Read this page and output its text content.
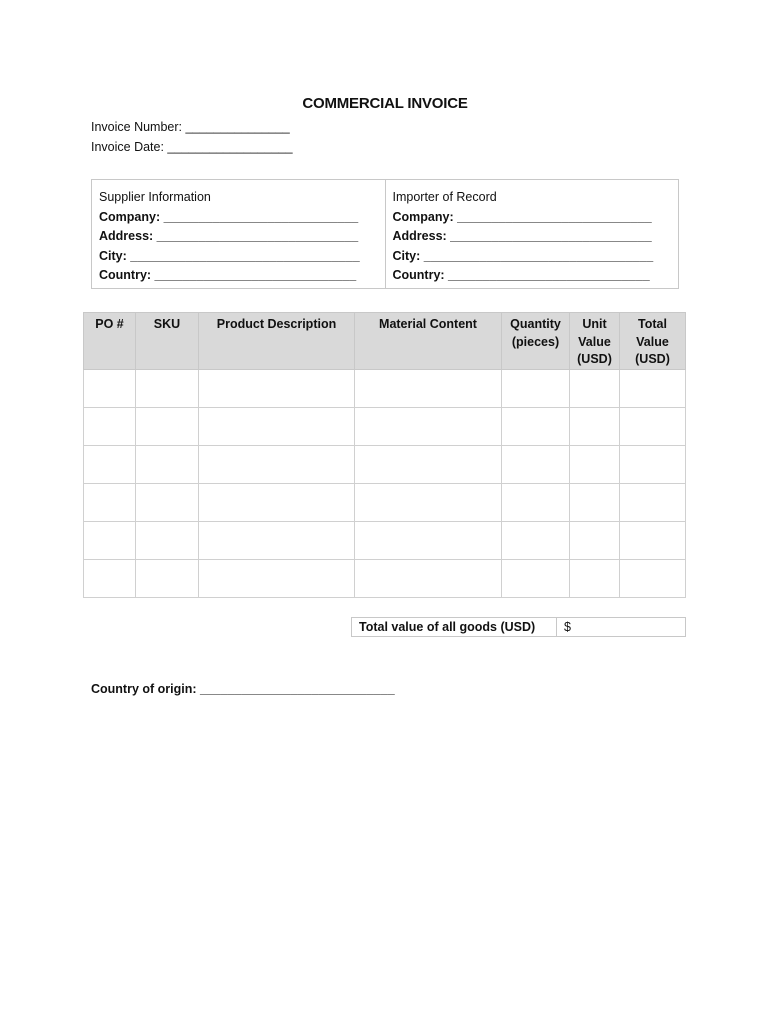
COMMERCIAL INVOICE
Invoice Number: _______________
Invoice Date: __________________
Supplier Information
Company: ____________________________
Address: _____________________________
City: _________________________________
Country: _____________________________
Importer of Record
Company: ____________________________
Address: _____________________________
City: _________________________________
Country: _____________________________
PO #	SKU	Product Description	Material Content	Quantity (pieces)	Unit Value (USD)	Total Value (USD)

Total value of all goods (USD)	$
Country of origin: ____________________________
